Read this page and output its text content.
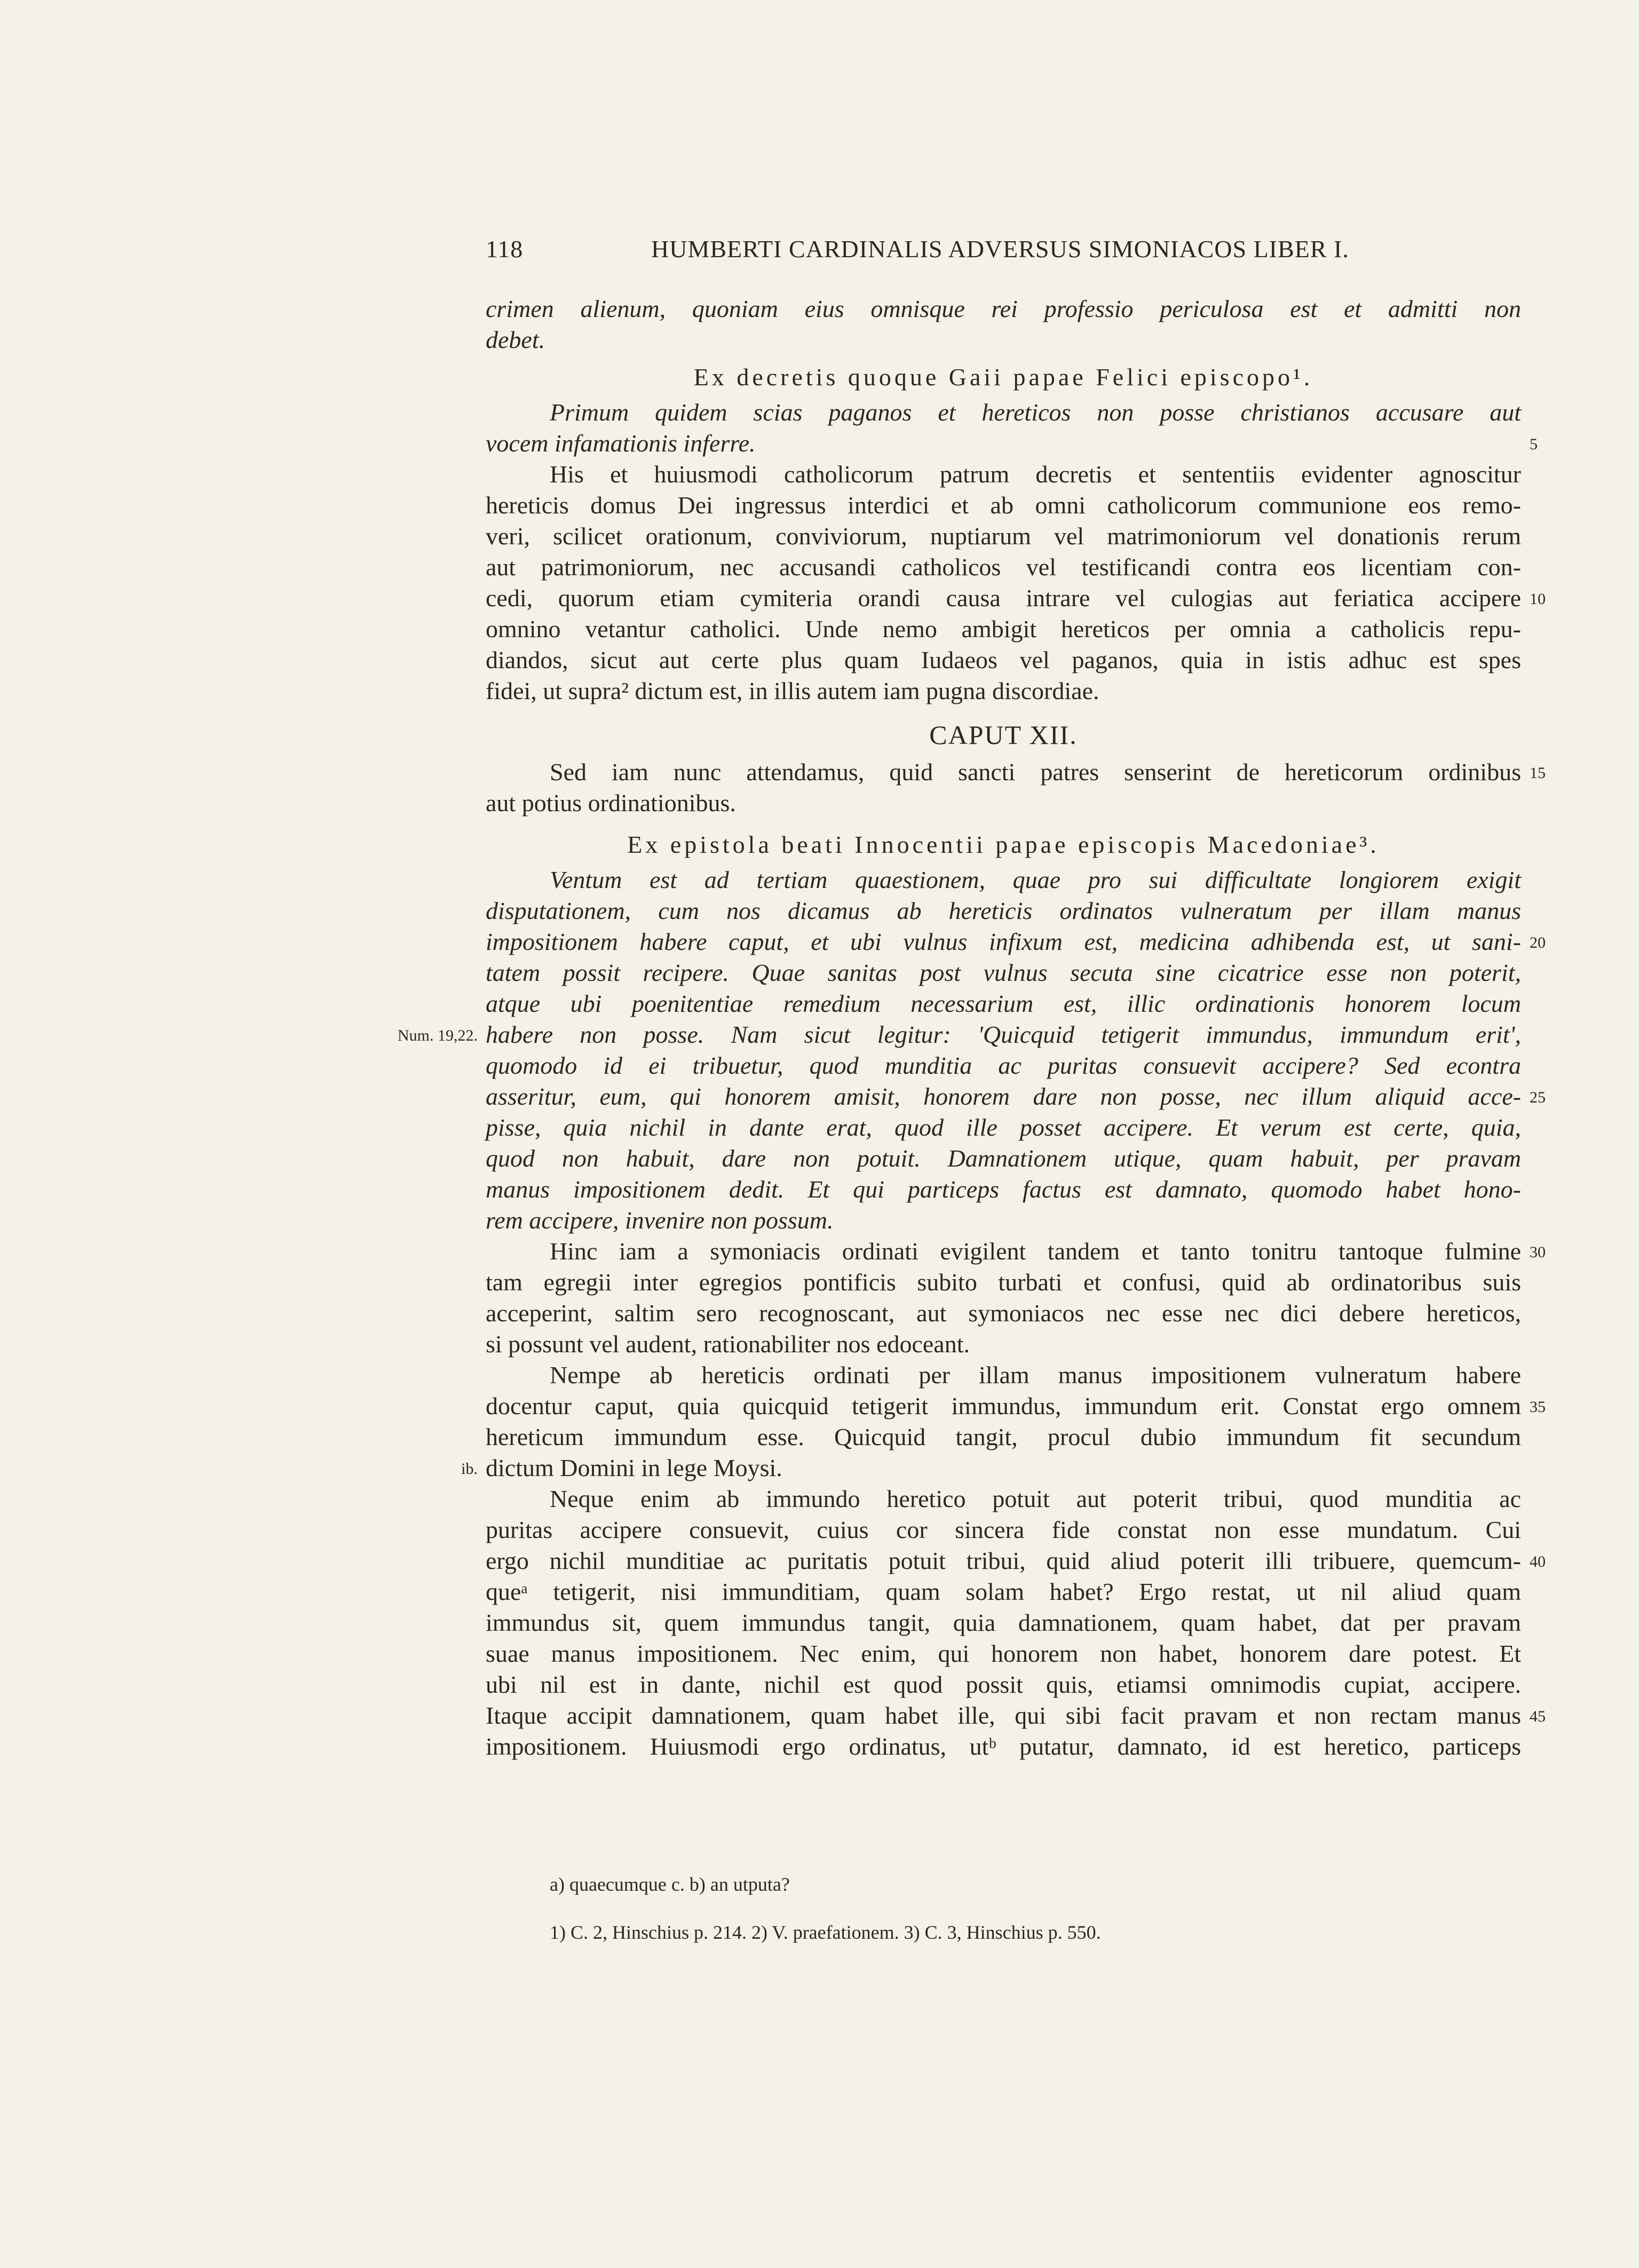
118	HUMBERTI CARDINALIS ADVERSUS SIMONIACOS LIBER I.
crimen alienum, quoniam eius omnisque rei professio periculosa est et admitti non
debet.
Ex decretis quoque Gaii papae Felici episcopo¹.
Primum quidem scias paganos et hereticos non posse christianos accusare aut
vocem infamationis inferre.
His et huiusmodi catholicorum patrum decretis et sententiis evidenter agnoscitur
hereticis domus Dei ingressus interdici et ab omni catholicorum communione eos remo-
veri, scilicet orationum, conviviorum, nuptiarum vel matrimoniorum vel donationis rerum
aut patrimoniorum, nec accusandi catholicos vel testificandi contra eos licentiam con-
cedi, quorum etiam cymiteria orandi causa intrare vel culogias aut feriatica accipere
omnino vetantur catholici. Unde nemo ambigit hereticos per omnia a catholicis repu-
diandos, sicut aut certe plus quam Iudaeos vel paganos, quia in istis adhuc est spes
fidei, ut supra² dictum est, in illis autem iam pugna discordiae.
CAPUT XII.
Sed iam nunc attendamus, quid sancti patres senserint de hereticorum ordinibus
aut potius ordinationibus.
Ex epistola beati Innocentii papae episcopis Macedoniae³.
Ventum est ad tertiam quaestionem, quae pro sui difficultate longiorem exigit
disputationem, cum nos dicamus ab hereticis ordinatos vulneratum per illam manus
impositionem habere caput, et ubi vulnus infixum est, medicina adhibenda est, ut sani-
tatem possit recipere. Quae sanitas post vulnus secuta sine cicatrice esse non poterit,
atque ubi poenitentiae remedium necessarium est, illic ordinationis honorem locum
habere non posse. Nam sicut legitur: 'Quicquid tetigerit immundus, immundum erit',
quomodo id ei tribuetur, quod munditia ac puritas consuevit accipere? Sed econtra
asseritur, eum, qui honorem amisit, honorem dare non posse, nec illum aliquid acce-
pisse, quia nichil in dante erat, quod ille posset accipere. Et verum est certe, quia,
quod non habuit, dare non potuit. Damnationem utique, quam habuit, per pravam
manus impositionem dedit. Et qui particeps factus est damnato, quomodo habet hono-
rem accipere, invenire non possum.
Hinc iam a symoniacis ordinati evigilent tandem et tanto tonitru tantoque fulmine
tam egregii inter egregios pontificis subito turbati et confusi, quid ab ordinatoribus suis
acceperint, saltim sero recognoscant, aut symoniacos nec esse nec dici debere hereticos,
si possunt vel audent, rationabiliter nos edoceant.
Nempe ab hereticis ordinati per illam manus impositionem vulneratum habere
docentur caput, quia quicquid tetigerit immundus, immundum erit. Constat ergo omnem
hereticum immundum esse. Quicquid tangit, procul dubio immundum fit secundum
dictum Domini in lege Moysi.
Neque enim ab immundo heretico potuit aut poterit tribui, quod munditia ac
puritas accipere consuevit, cuius cor sincera fide constat non esse mundatum. Cui
ergo nichil munditiae ac puritatis potuit tribui, quid aliud poterit illi tribuere, quemcum-
queᵃ tetigerit, nisi immunditiam, quam solam habet? Ergo restat, ut nil aliud quam
immundus sit, quem immundus tangit, quia damnationem, quam habet, dat per pravam
suae manus impositionem. Nec enim, qui honorem non habet, honorem dare potest. Et
ubi nil est in dante, nichil est quod possit quis, etiamsi omnimodis cupiat, accipere.
Itaque accipit damnationem, quam habet ille, qui sibi facit pravam et non rectam manus
impositionem. Huiusmodi ergo ordinatus, utᵇ putatur, damnato, id est heretico, particeps
5
10
15
20
Num. 19,22.
25
30
35
ib.
40
45
a) quaecumque c. b) an utputa?
1) C. 2, Hinschius p. 214. 2) V. praefationem. 3) C. 3, Hinschius p. 550.
